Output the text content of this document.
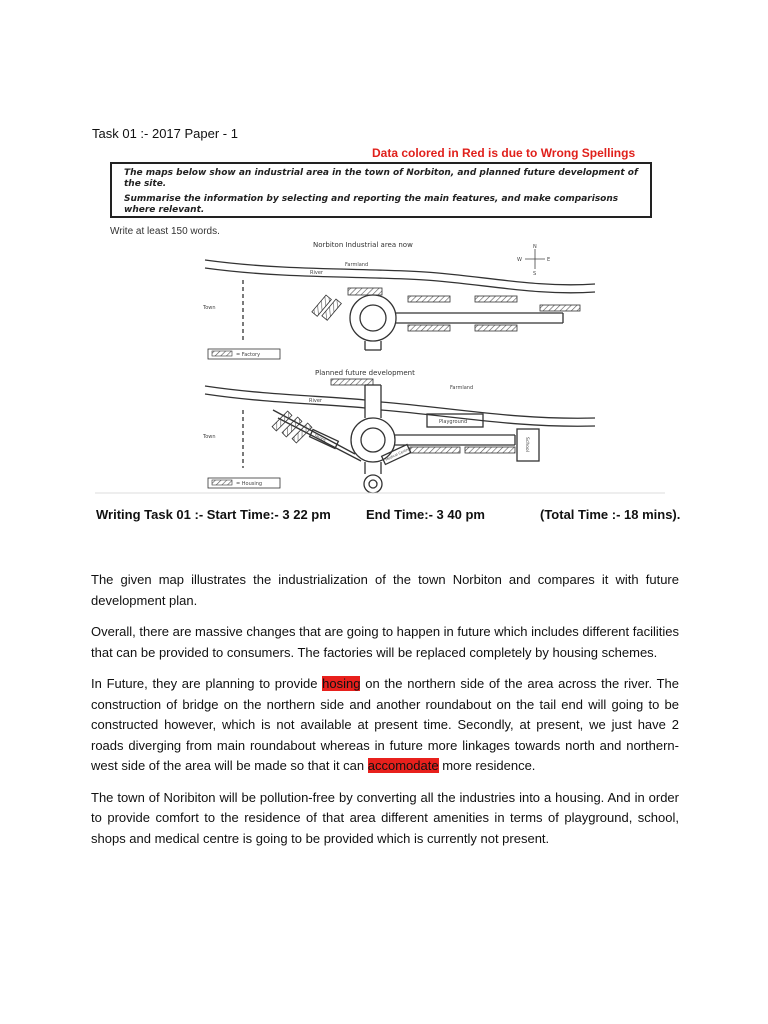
Task 01 :- 2017 Paper - 1
Data colored in Red is due to Wrong Spellings

The maps below show an industrial area in the town of Norbiton, and planned future development of the site.

Summarise the information by selecting and reporting the main features, and make comparisons where relevant.

Write at least 150 words.
Norbiton Industrial area now	N
S
W	E
Farmland
River
Town
= Factory
Planned future development
Farmland
River
Town	Shops
Medical Centre
Playground
School
= Housing
Writing Task 01 :- Start Time:- 3 22 pm	End Time:- 3 40 pm	(Total Time :- 18 mins).

The given map illustrates the industrialization of the town Norbiton and compares it with future development plan.

Overall, there are massive changes that are going to happen in future which includes different facilities that can be provided to consumers. The factories will be replaced completely by housing schemes.

In Future, they are planning to provide hosing on the northern side of the area across the river. The construction of bridge on the northern side and another roundabout on the tail end will going to be constructed however, which is not available at present time. Secondly, at present, we just have 2 roads diverging from main roundabout whereas in future more linkages towards north and northern-west side of the area will be made so that it can accomodate more residence.

The town of Noribiton will be pollution-free by converting all the industries into a housing. And in order to provide comfort to the residence of that area different amenities in terms of playground, school, shops and medical centre is going to be provided which is currently not present.
